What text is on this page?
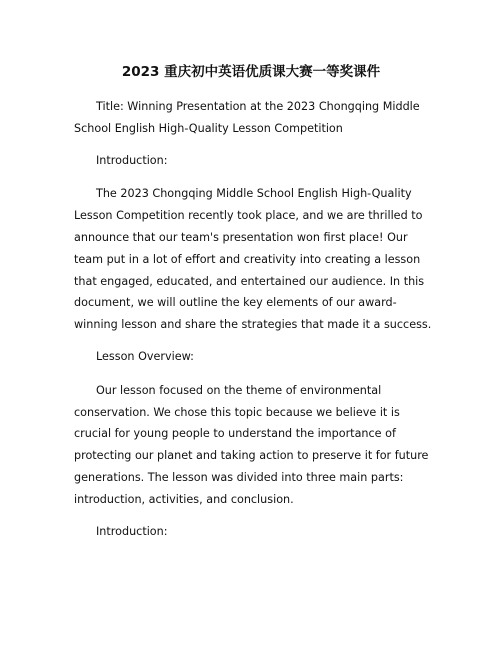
2023 重庆初中英语优质课大赛一等奖课件

Title: Winning Presentation at the 2023 Chongqing Middle School English High-Quality Lesson Competition

Introduction:

The 2023 Chongqing Middle School English High-Quality Lesson Competition recently took place, and we are thrilled to announce that our team's presentation won first place! Our team put in a lot of effort and creativity into creating a lesson that engaged, educated, and entertained our audience. In this document, we will outline the key elements of our award-winning lesson and share the strategies that made it a success.

Lesson Overview:

Our lesson focused on the theme of environmental conservation. We chose this topic because we believe it is crucial for young people to understand the importance of protecting our planet and taking action to preserve it for future generations. The lesson was divided into three main parts: introduction, activities, and conclusion.

Introduction:
